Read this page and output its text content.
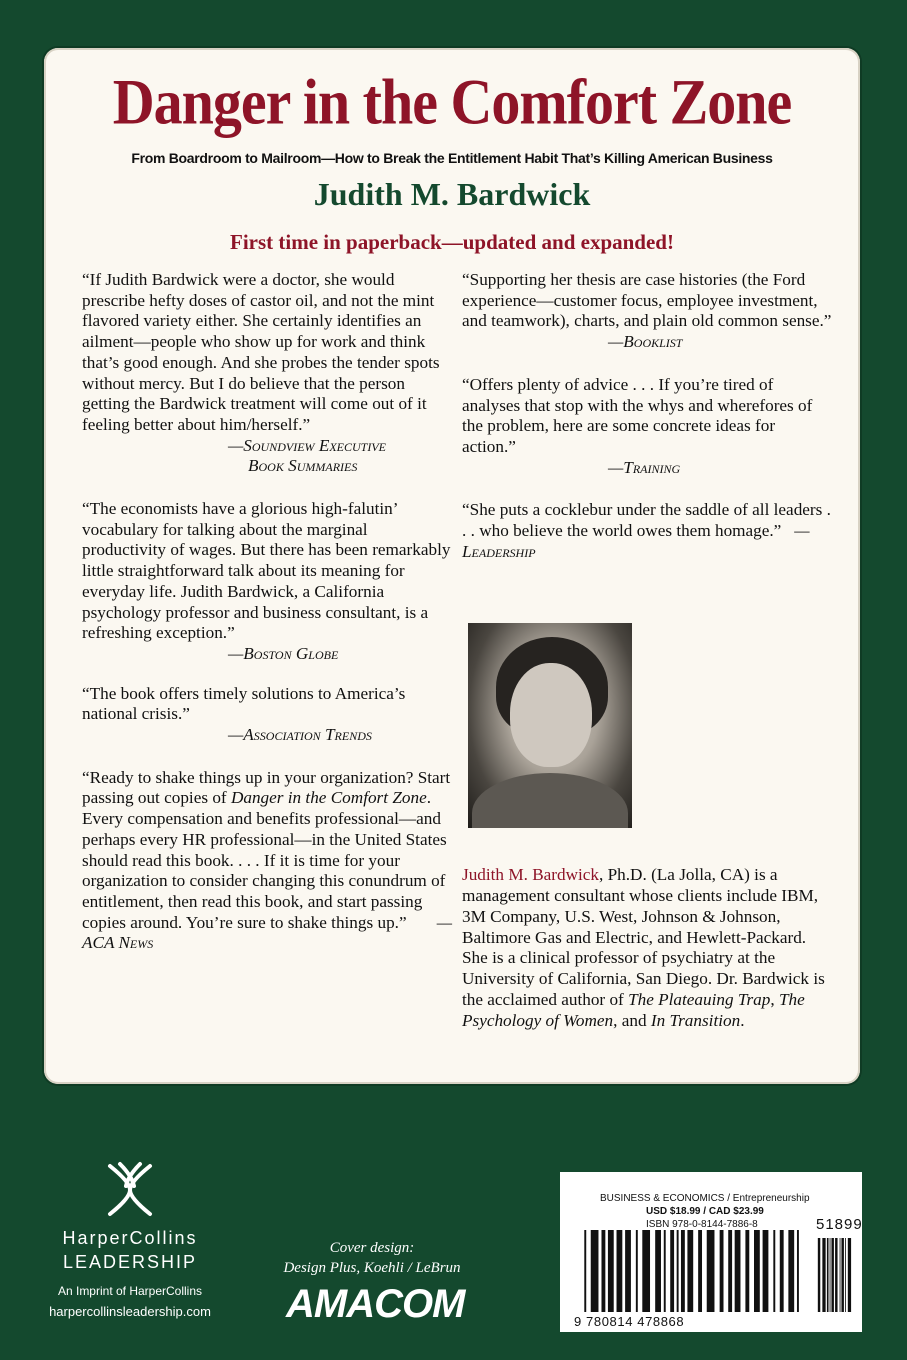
Danger in the Comfort Zone
From Boardroom to Mailroom—How to Break the Entitlement Habit That’s Killing American Business
Judith M. Bardwick
First time in paperback—updated and expanded!

“If Judith Bardwick were a doctor, she would prescribe hefty doses of castor oil, and not the mint flavored variety either. She certainly identifies an ailment—people who show up for work and think that’s good enough. And she probes the tender spots without mercy. But I do believe that the person getting the Bardwick treatment will come out of it feeling better about him/herself.”

—Soundview Executive

Book Summaries

“The economists have a glorious high-falutin’ vocabulary for talking about the marginal productivity of wages. But there has been remarkably little straightforward talk about its meaning for everyday life. Judith Bardwick, a California psychology professor and business consultant, is a refreshing exception.”

—Boston Globe

“The book offers timely solutions to America’s national crisis.”

—Association Trends

“Ready to shake things up in your organization? Start passing out copies of Danger in the Comfort Zone. Every compensation and benefits professional—and perhaps every HR professional—in the United States should read this book. . . . If it is time for your organization to consider changing this conundrum of entitlement, then read this book, and start passing copies around. You’re sure to shake things up.” —ACA News

“Supporting her thesis are case histories (the Ford experience—customer focus, employee investment, and teamwork), charts, and plain old common sense.”

—Booklist

“Offers plenty of advice . . . If you’re tired of analyses that stop with the whys and wherefores of the problem, here are some concrete ideas for action.”

—Training

“She puts a cocklebur under the saddle of all leaders . . . who believe the world owes them homage.” —Leadership

Judith M. Bardwick, Ph.D. (La Jolla, CA) is a management consultant whose clients include IBM, 3M Company, U.S. West, Johnson & Johnson, Baltimore Gas and Electric, and Hewlett-Packard. She is a clinical professor of psychiatry at the University of California, San Diego. Dr. Bardwick is the acclaimed author of The Plateauing Trap, The Psychology of Women, and In Transition.

HarperCollins
LEADERSHIP
An Imprint of HarperCollins
harpercollinsleadership.com
Cover design:
Design Plus, Koehli / LeBrun
AMACOM
BUSINESS & ECONOMICS / Entrepreneurship
USD $18.99 / CAD $23.99
ISBN 978-0-8144-7886-8	51899
9 780814 478868
